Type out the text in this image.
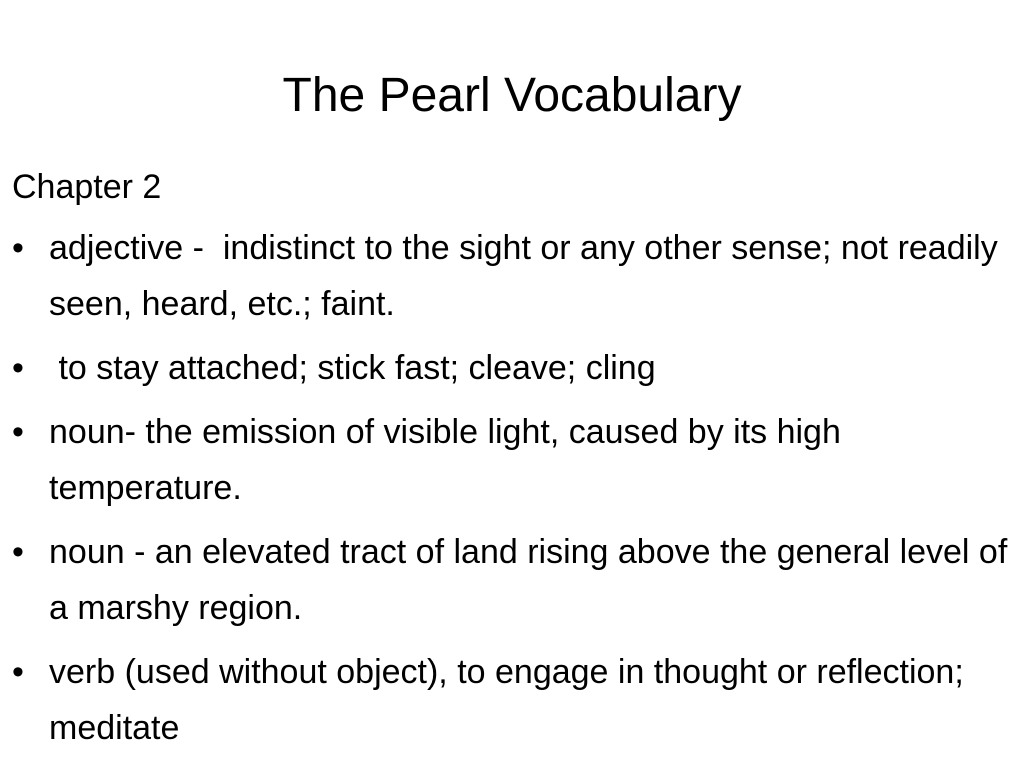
The Pearl Vocabulary

Chapter 2

• adjective -  indistinct to the sight or any other sense; not readily seen, heard, etc.; faint.
• to stay attached; stick fast; cleave; cling
• noun- the emission of visible light, caused by its high temperature.
• noun - an elevated tract of land rising above the general level of a marshy region.
• verb (used without object), to engage in thought or reflection; meditate
